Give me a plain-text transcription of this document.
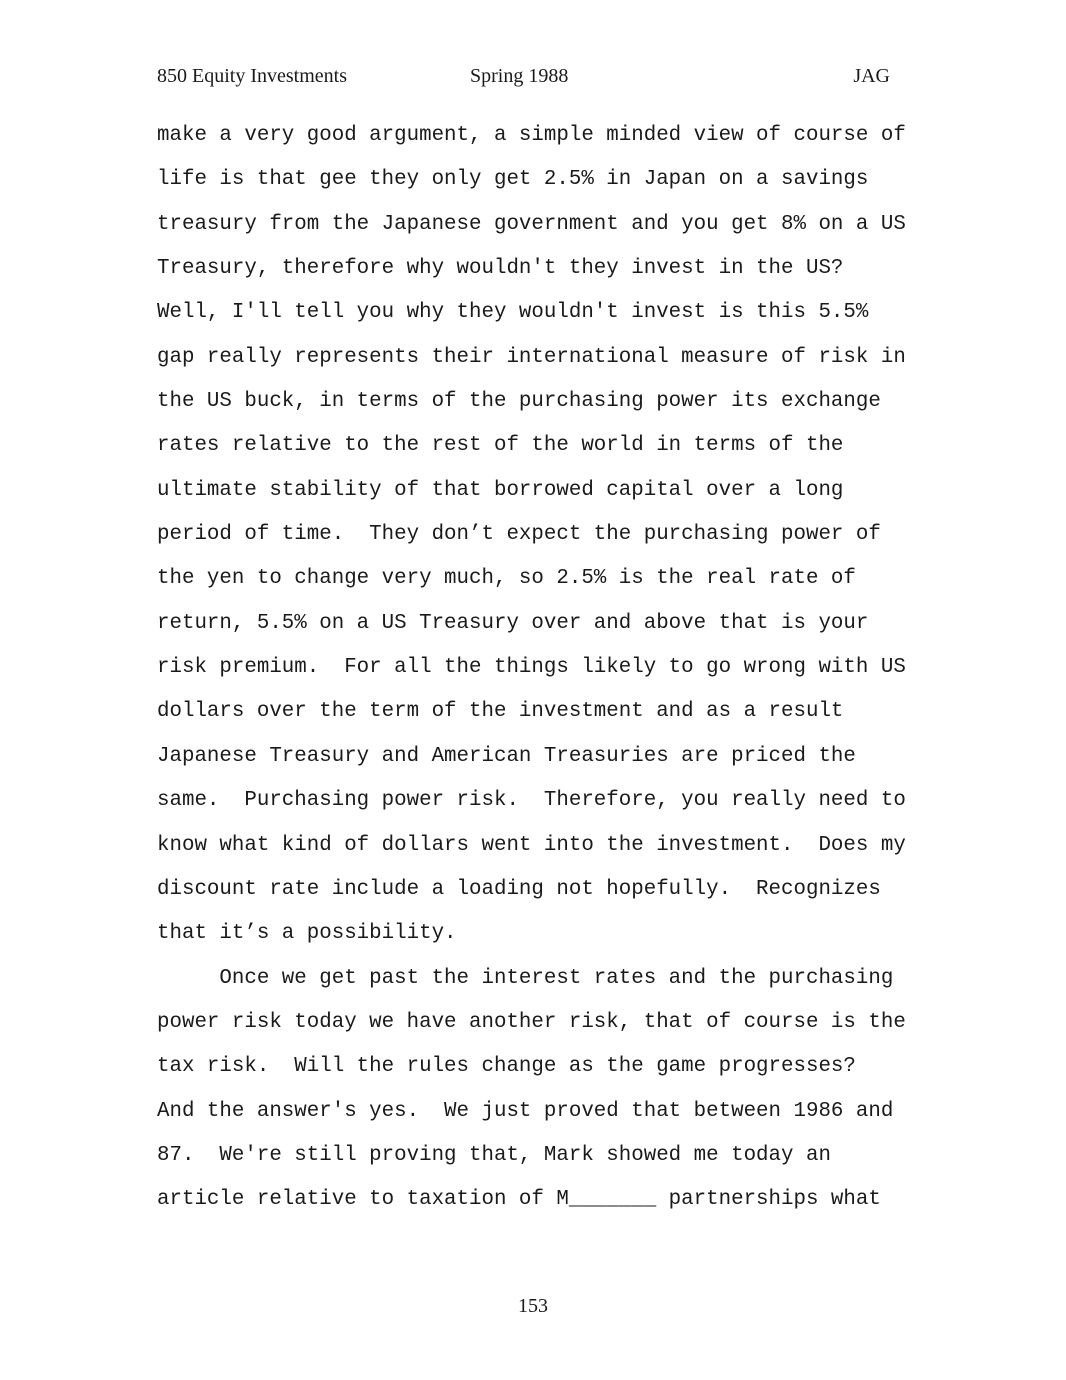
850 Equity Investments	Spring 1988	JAG
make a very good argument, a simple minded view of course of
life is that gee they only get 2.5% in Japan on a savings
treasury from the Japanese government and you get 8% on a US
Treasury, therefore why wouldn't they invest in the US?
Well, I'll tell you why they wouldn't invest is this 5.5%
gap really represents their international measure of risk in
the US buck, in terms of the purchasing power its exchange
rates relative to the rest of the world in terms of the
ultimate stability of that borrowed capital over a long
period of time.  They don’t expect the purchasing power of
the yen to change very much, so 2.5% is the real rate of
return, 5.5% on a US Treasury over and above that is your
risk premium.  For all the things likely to go wrong with US
dollars over the term of the investment and as a result
Japanese Treasury and American Treasuries are priced the
same.  Purchasing power risk.  Therefore, you really need to
know what kind of dollars went into the investment.  Does my
discount rate include a loading not hopefully.  Recognizes
that it’s a possibility.
Once we get past the interest rates and the purchasing
power risk today we have another risk, that of course is the
tax risk.  Will the rules change as the game progresses?
And the answer's yes.  We just proved that between 1986 and
87.  We're still proving that, Mark showed me today an
article relative to taxation of M_______ partnerships what
153
